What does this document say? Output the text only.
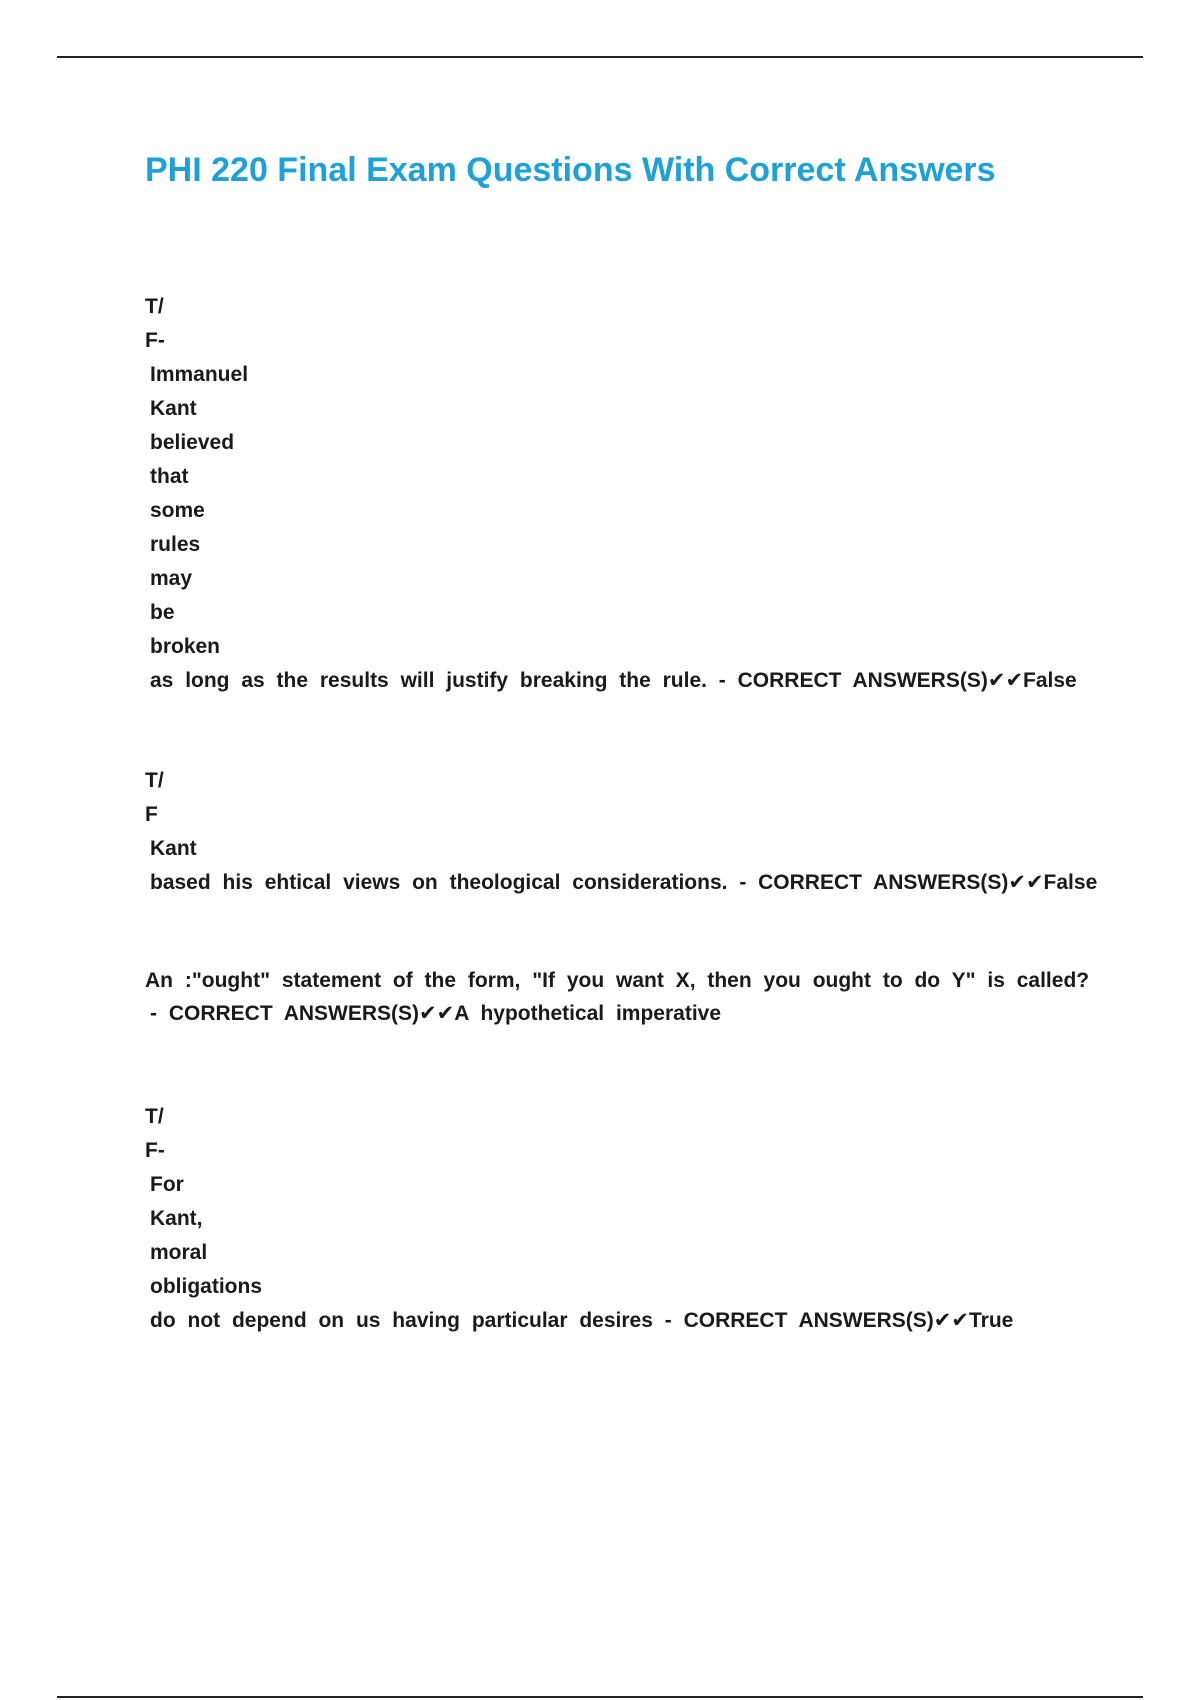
PHI 220 Final Exam Questions With Correct Answers
T/
F-
Immanuel
Kant
believed
that
some
rules
may
be
broken
as long as the results will justify breaking the rule. - CORRECT ANSWERS(S)✔✔False
T/
F
Kant
based his ehtical views on theological considerations. - CORRECT ANSWERS(S)✔✔False
An :"ought" statement of the form, "If you want X, then you ought to do Y" is called?
- CORRECT ANSWERS(S)✔✔A hypothetical imperative
T/
F-
For
Kant,
moral
obligations
do not depend on us having particular desires - CORRECT ANSWERS(S)✔✔True
